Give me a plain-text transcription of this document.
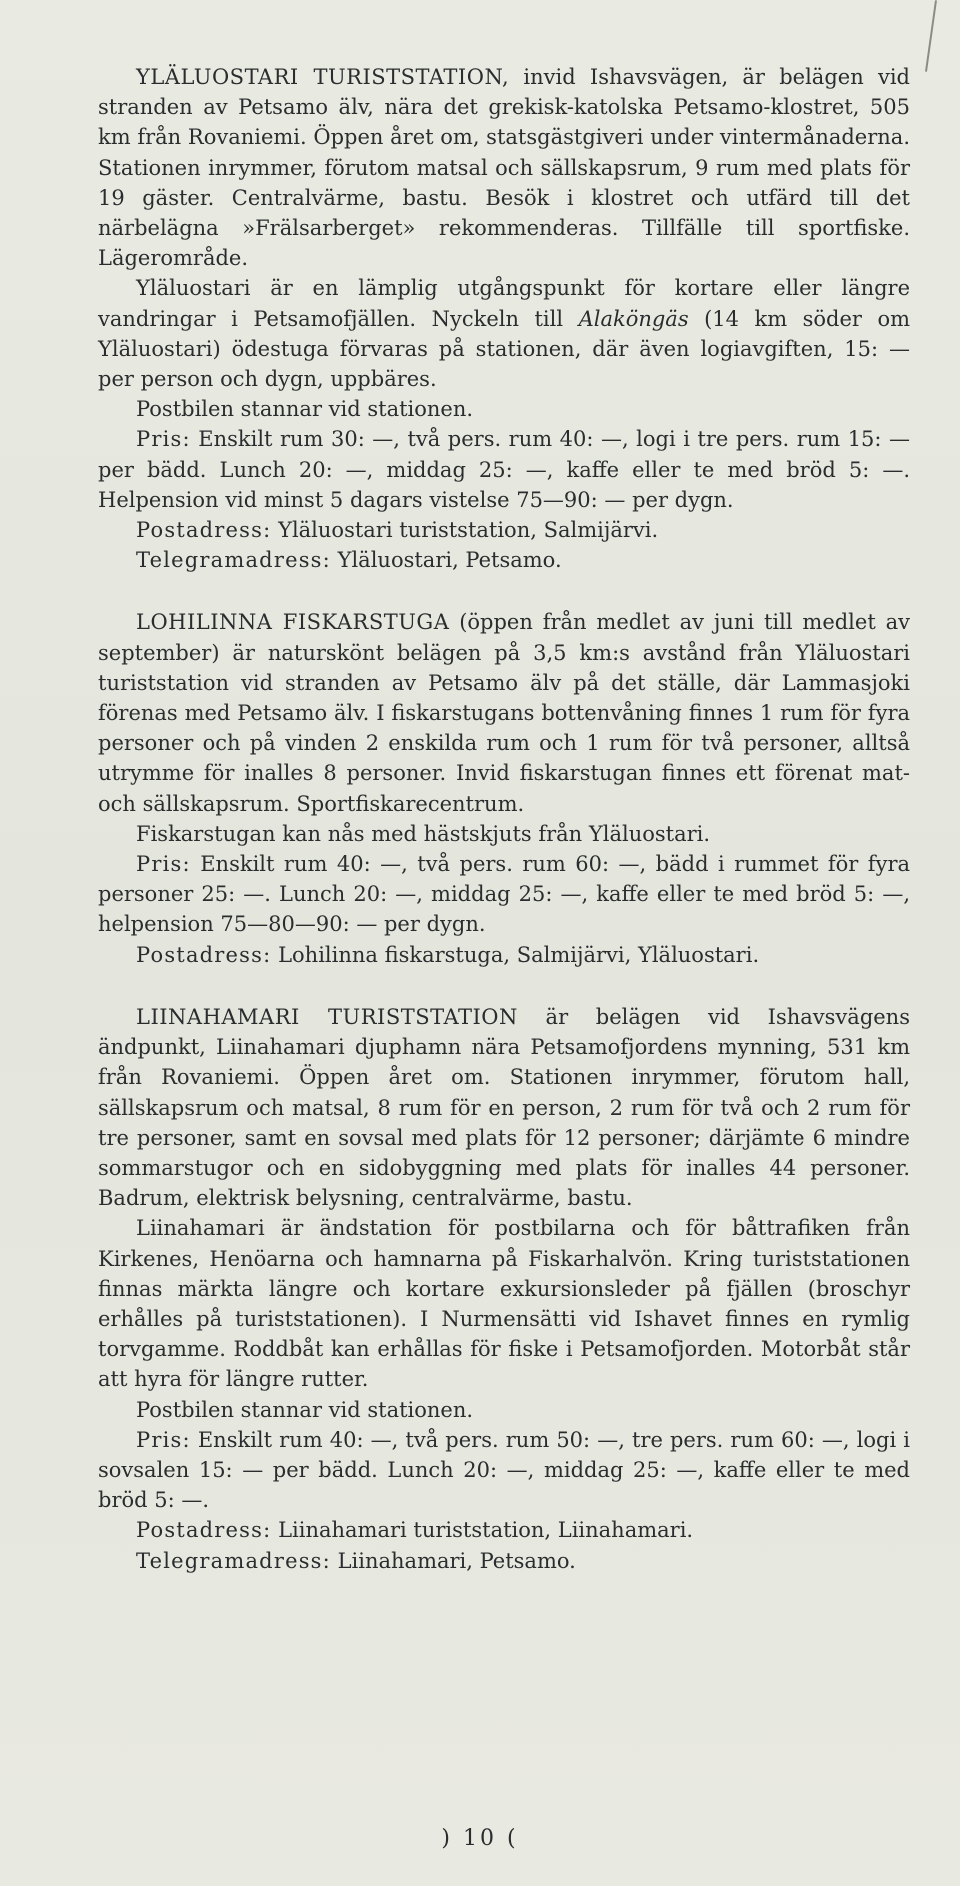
YLÄLUOSTARI TURISTSTATION, invid Ishavsvägen, är belägen vid stranden av Petsamo älv, nära det grekisk-katolska Petsamo-klostret, 505 km från Rovaniemi. Öppen året om, statsgästgiveri under vintermånaderna. Stationen inrymmer, förutom matsal och sällskapsrum, 9 rum med plats för 19 gäster. Centralvärme, bastu. Besök i klostret och utfärd till det närbelägna »Frälsarberget» rekommenderas. Tillfälle till sportfiske. Lägerområde.

Yläluostari är en lämplig utgångspunkt för kortare eller längre vandringar i Petsamofjällen. Nyckeln till Alaköngäs (14 km söder om Yläluostari) ödestuga förvaras på stationen, där även logiavgiften, 15: — per person och dygn, uppbäres.

Postbilen stannar vid stationen.

Pris: Enskilt rum 30: —, två pers. rum 40: —, logi i tre pers. rum 15: — per bädd. Lunch 20: —, middag 25: —, kaffe eller te med bröd 5: —. Helpension vid minst 5 dagars vistelse 75—90: — per dygn.

Postadress: Yläluostari turiststation, Salmijärvi.

Telegramadress: Yläluostari, Petsamo.

LOHILINNA FISKARSTUGA (öppen från medlet av juni till medlet av september) är naturskönt belägen på 3,5 km:s avstånd från Yläluostari turiststation vid stranden av Petsamo älv på det ställe, där Lammasjoki förenas med Petsamo älv. I fiskarstugans bottenvåning finnes 1 rum för fyra personer och på vinden 2 enskilda rum och 1 rum för två personer, alltså utrymme för inalles 8 personer. Invid fiskarstugan finnes ett förenat mat- och sällskapsrum. Sportfiskarecentrum.

Fiskarstugan kan nås med hästskjuts från Yläluostari.

Pris: Enskilt rum 40: —, två pers. rum 60: —, bädd i rummet för fyra personer 25: —. Lunch 20: —, middag 25: —, kaffe eller te med bröd 5: —, helpension 75—80—90: — per dygn.

Postadress: Lohilinna fiskarstuga, Salmijärvi, Yläluostari.

LIINAHAMARI TURISTSTATION är belägen vid Ishavsvägens ändpunkt, Liinahamari djuphamn nära Petsamofjordens mynning, 531 km från Rovaniemi. Öppen året om. Stationen inrymmer, förutom hall, sällskapsrum och matsal, 8 rum för en person, 2 rum för två och 2 rum för tre personer, samt en sovsal med plats för 12 personer; därjämte 6 mindre sommarstugor och en sidobyggning med plats för inalles 44 personer. Badrum, elektrisk belysning, centralvärme, bastu.

Liinahamari är ändstation för postbilarna och för båttrafiken från Kirkenes, Henöarna och hamnarna på Fiskarhalvön. Kring turiststationen finnas märkta längre och kortare exkursionsleder på fjällen (broschyr erhålles på turiststationen). I Nurmensätti vid Ishavet finnes en rymlig torvgamme. Roddbåt kan erhållas för fiske i Petsamofjorden. Motorbåt står att hyra för längre rutter.

Postbilen stannar vid stationen.

Pris: Enskilt rum 40: —, två pers. rum 50: —, tre pers. rum 60: —, logi i sovsalen 15: — per bädd. Lunch 20: —, middag 25: —, kaffe eller te med bröd 5: —.

Postadress: Liinahamari turiststation, Liinahamari.

Telegramadress: Liinahamari, Petsamo.

) 10 (
